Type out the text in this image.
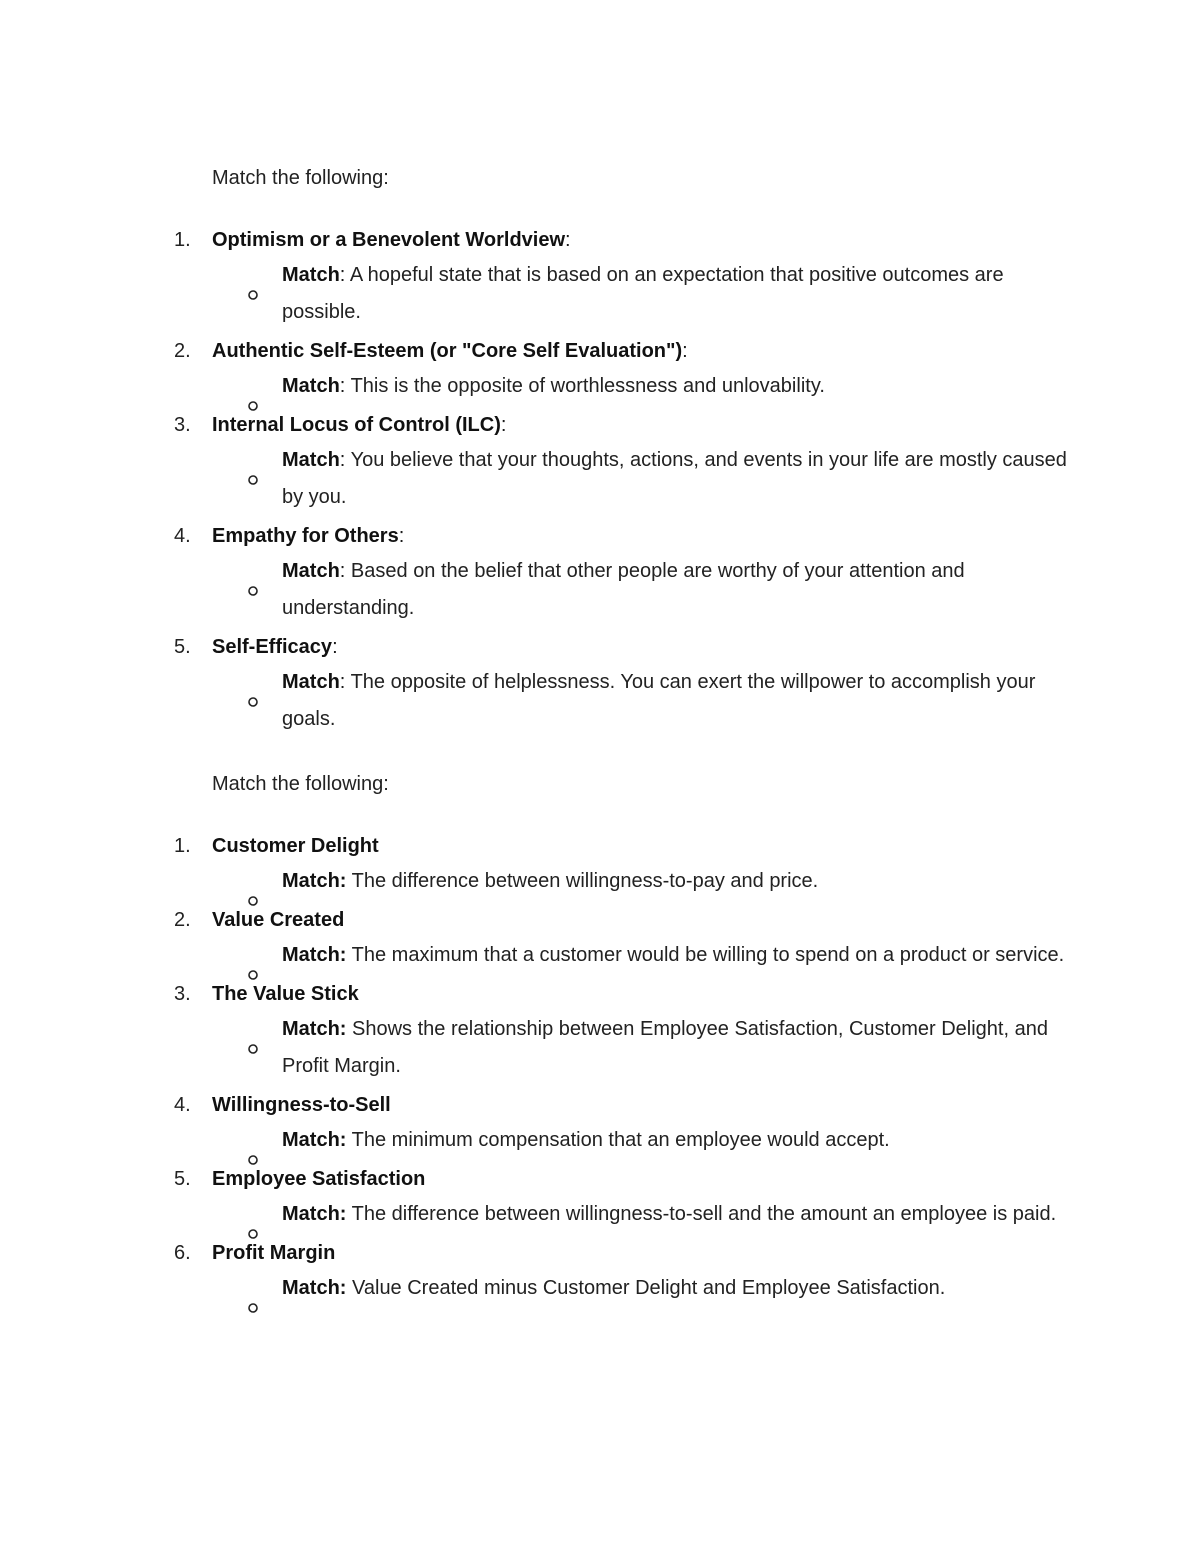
Match the following:

1. Optimism or a Benevolent Worldview:
Match: A hopeful state that is based on an expectation that positive outcomes are possible.
2. Authentic Self-Esteem (or "Core Self Evaluation"):
Match: This is the opposite of worthlessness and unlovability.
3. Internal Locus of Control (ILC):
Match: You believe that your thoughts, actions, and events in your life are mostly caused by you.
4. Empathy for Others:
Match: Based on the belief that other people are worthy of your attention and understanding.
5. Self-Efficacy:
Match: The opposite of helplessness. You can exert the willpower to accomplish your goals.

Match the following:

1. Customer Delight
Match: The difference between willingness-to-pay and price.
2. Value Created
Match: The maximum that a customer would be willing to spend on a product or service.
3. The Value Stick
Match: Shows the relationship between Employee Satisfaction, Customer Delight, and Profit Margin.
4. Willingness-to-Sell
Match: The minimum compensation that an employee would accept.
5. Employee Satisfaction
Match: The difference between willingness-to-sell and the amount an employee is paid.
6. Profit Margin
Match: Value Created minus Customer Delight and Employee Satisfaction.
